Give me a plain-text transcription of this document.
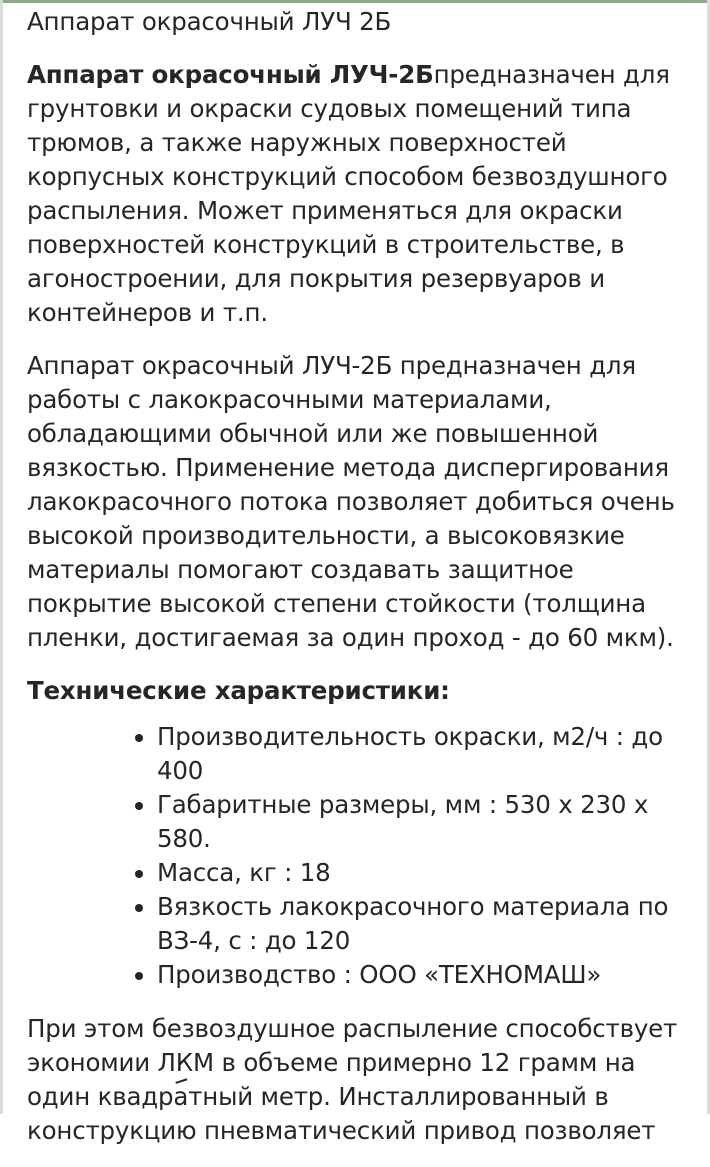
Аппарат окрасочный ЛУЧ 2Б

Аппарат окрасочный ЛУЧ-2Бпредназначен для грунтовки и окраски судовых помещений типа трюмов, а также наружных поверхностей корпусных конструкций способом безвоздушного распыления. Может применяться для окраски поверхностей конструкций в строительстве, в агоностроении, для покрытия резервуаров и контейнеров и т.п.

Аппарат окрасочный ЛУЧ-2Б предназначен для работы с лакокрасочными материалами, обладающими обычной или же повышенной вязкостью. Применение метода диспергирования лакокрасочного потока позволяет добиться очень высокой производительности, а высоковязкие материалы помогают создавать защитное покрытие высокой степени стойкости (толщина пленки, достигаемая за один проход - до 60 мкм).

Технические характеристики:
• Производительность окраски, м2/ч : до 400
• Габаритные размеры, мм : 530 x 230 x 580.
• Масса, кг : 18
• Вязкость лакокрасочного материала по ВЗ-4, с : до 120
• Производство : ООО «ТЕХНОМАШ»

При этом безвоздушное распыление способствует экономии ЛКМ в объеме примерно 12 грамм на один квадратный метр. Инсталлированный в конструкцию пневматический привод позволяет
